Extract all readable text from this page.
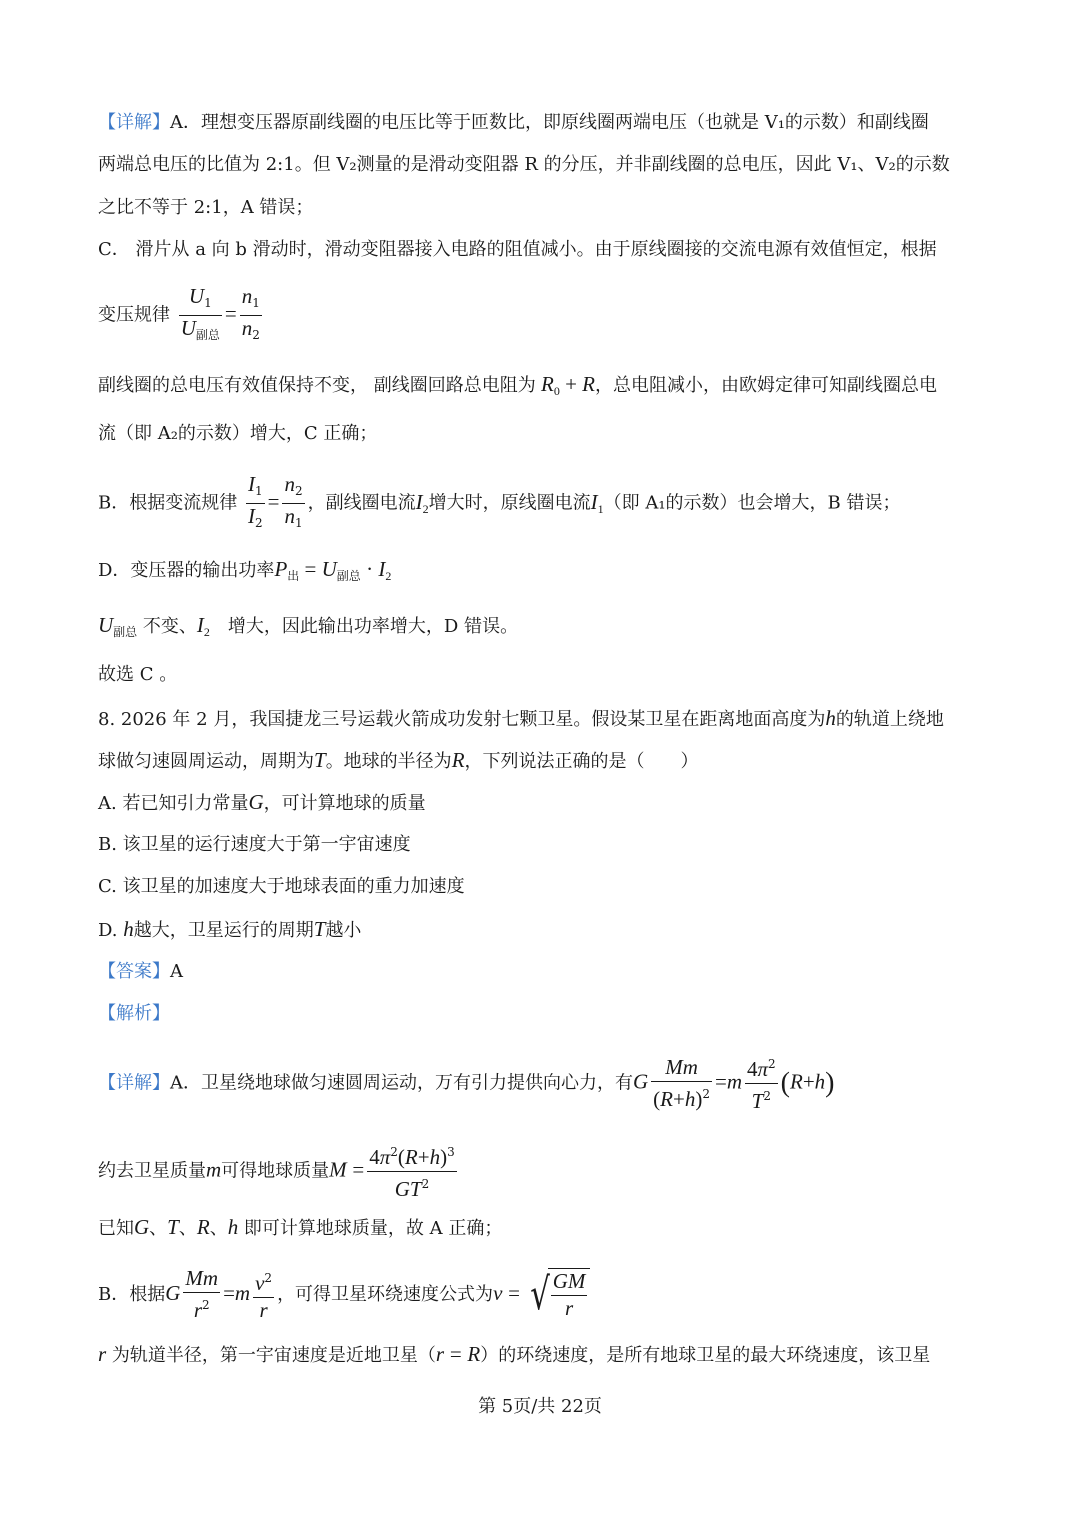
【详解】A．理想变压器原副线圈的电压比等于匝数比，即原线圈两端电压（也就是 V₁的示数）和副线圈
两端总电压的比值为 2:1。但 V₂测量的是滑动变阻器 R 的分压，并非副线圈的总电压，因此 V₁、V₂的示数
之比不等于 2:1，A 错误；
C． 滑片从 a 向 b 滑动时，滑动变阻器接入电路的阻值减小。由于原线圈接的交流电源有效值恒定，根据
变压规律 $\frac{U_1}{U_{副总}} = \frac{n_1}{n_2}$
副线圈的总电压有效值保持不变， 副线圈回路总电阻为 $R_0 + R$，总电阻减小，由欧姆定律可知副线圈总电
流（即 A₂的示数）增大，C 正确；
B．根据变流规律 $\frac{I_1}{I_2} = \frac{n_2}{n_1}$ ，副线圈电流$I_2$增大时，原线圈电流$I_1$（即 A₁的示数）也会增大，B 错误；
D．变压器的输出功率$P_出 = U_{副总} \cdot I_2$
$U_{副总}$ 不变、$I_2$　 增大，因此输出功率增大，D 错误。
故选 C 。
8. 2026 年 2 月，我国捷龙三号运载火箭成功发射七颗卫星。假设某卫星在距离地面高度为h的轨道上绕地
球做匀速圆周运动，周期为T。地球的半径为R，下列说法正确的是（　　）
A. 若已知引力常量G，可计算地球的质量
B. 该卫星的运行速度大于第一宇宙速度
C. 该卫星的加速度大于地球表面的重力加速度
D. h越大，卫星运行的周期T越小
【答案】A
【解析】
【详解】A．卫星绕地球做匀速圆周运动，万有引力提供向心力，有G $\frac{Mm}{(R+h)^2} =m \frac{4\pi^2}{T^2} (R+h)$
约去卫星质量m可得地球质量$M = \frac{4\pi^2(R+h)^3}{GT^2}$
已知G、T、R、h 即可计算地球质量，故 A 正确；
B．根据G $\frac{Mm}{r^2} =m \frac{v^2}{r}$ ，可得卫星环绕速度公式为v = √ $\frac{GM}{r}$
r 为轨道半径，第一宇宙速度是近地卫星（r = R）的环绕速度，是所有地球卫星的最大环绕速度，该卫星
第 5页/共 22页
